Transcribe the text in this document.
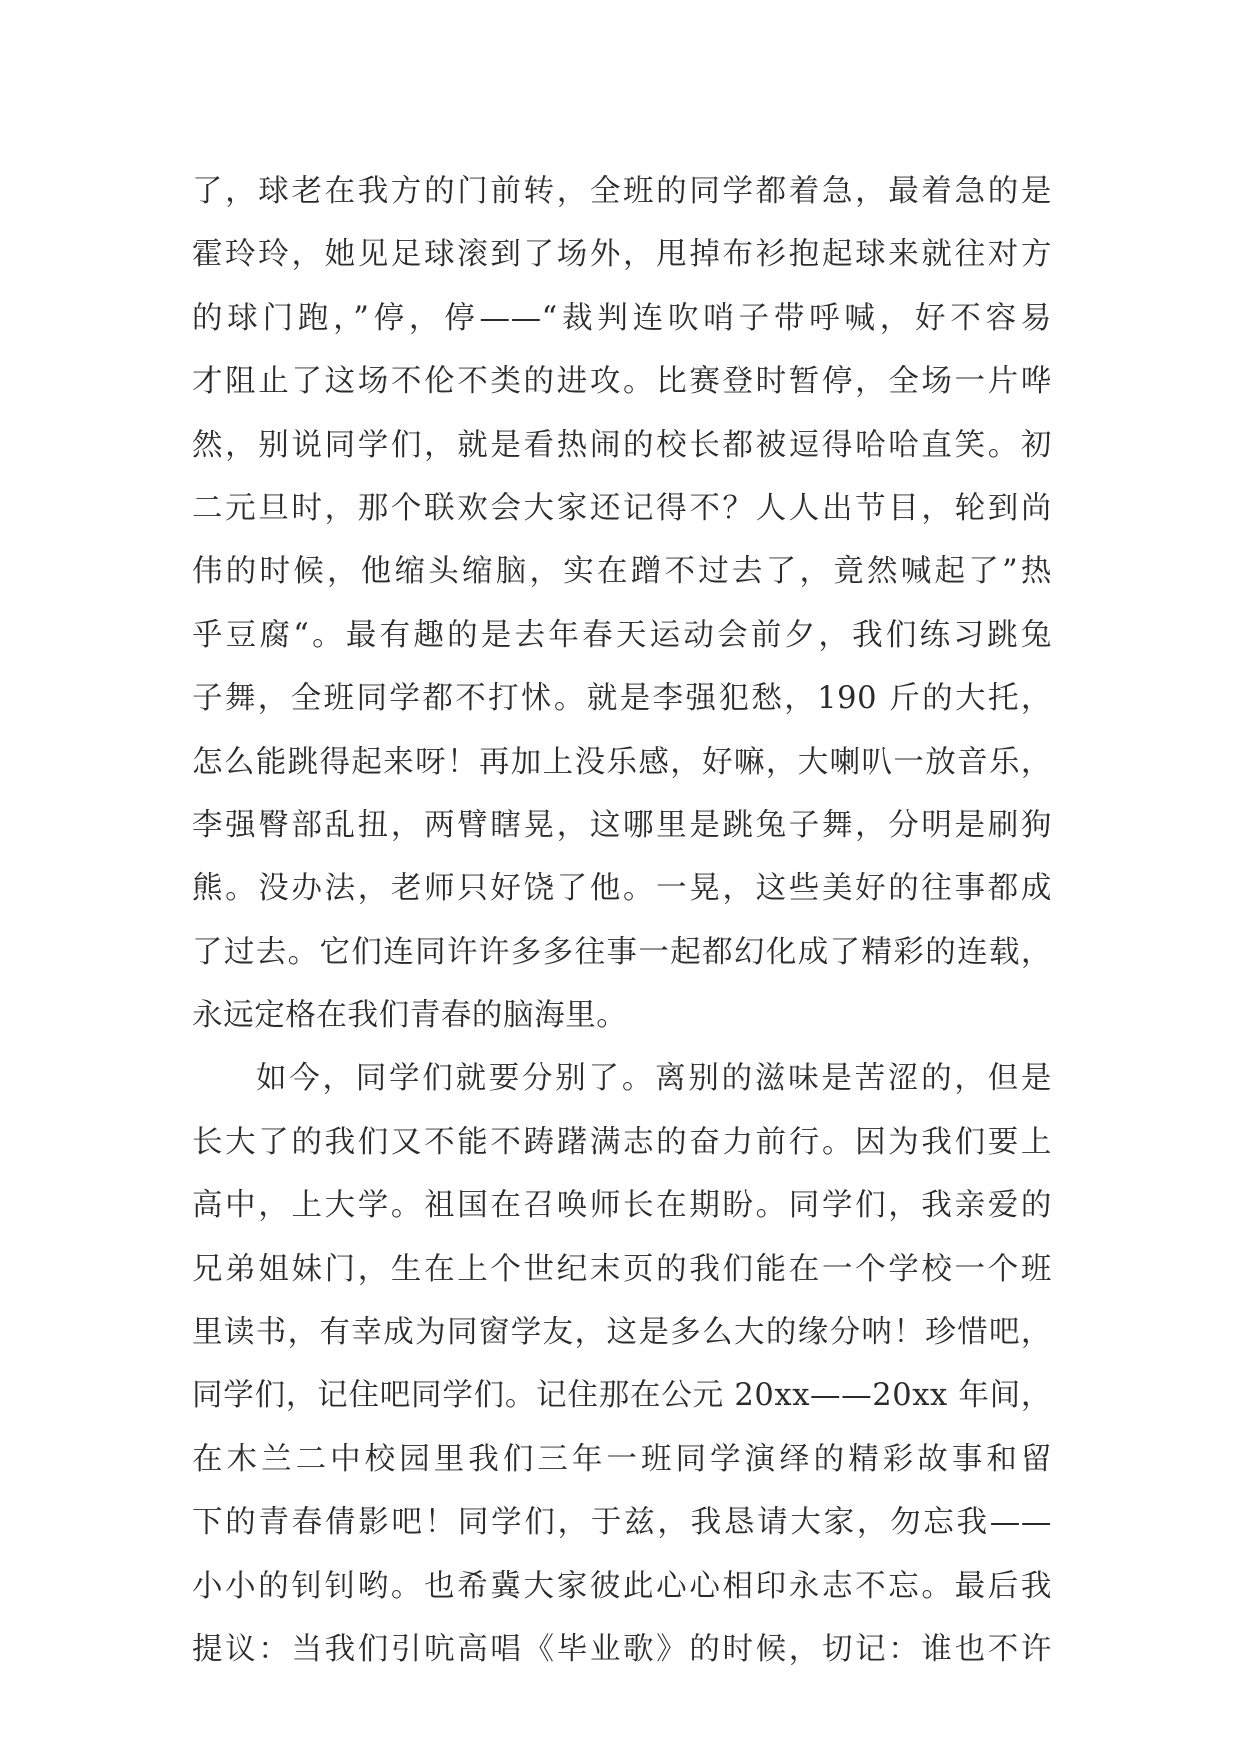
了，球老在我方的门前转，全班的同学都着急，最着急的是
霍玲玲，她见足球滚到了场外，甩掉布衫抱起球来就往对方
的球门跑，”停，停——“裁判连吹哨子带呼喊，好不容易
才阻止了这场不伦不类的进攻。比赛登时暂停，全场一片哗
然，别说同学们，就是看热闹的校长都被逗得哈哈直笑。初
二元旦时，那个联欢会大家还记得不？人人出节目，轮到尚
伟的时候，他缩头缩脑，实在蹭不过去了，竟然喊起了”热
乎豆腐“。最有趣的是去年春天运动会前夕，我们练习跳兔
子舞，全班同学都不打怵。就是李强犯愁，190 斤的大托，
怎么能跳得起来呀！再加上没乐感，好嘛，大喇叭一放音乐，
李强臀部乱扭，两臂瞎晃，这哪里是跳兔子舞，分明是刷狗
熊。没办法，老师只好饶了他。一晃，这些美好的往事都成
了过去。它们连同许许多多往事一起都幻化成了精彩的连载，
永远定格在我们青春的脑海里。
如今，同学们就要分别了。离别的滋味是苦涩的，但是
长大了的我们又不能不踌躇满志的奋力前行。因为我们要上
高中，上大学。祖国在召唤师长在期盼。同学们，我亲爱的
兄弟姐妹门，生在上个世纪末页的我们能在一个学校一个班
里读书，有幸成为同窗学友，这是多么大的缘分呐！珍惜吧，
同学们，记住吧同学们。记住那在公元 20xx——20xx 年间，
在木兰二中校园里我们三年一班同学演绎的精彩故事和留
下的青春倩影吧！同学们，于兹，我恳请大家，勿忘我——
小小的钊钊哟。也希冀大家彼此心心相印永志不忘。最后我
提议：当我们引吭高唱《毕业歌》的时候，切记：谁也不许
